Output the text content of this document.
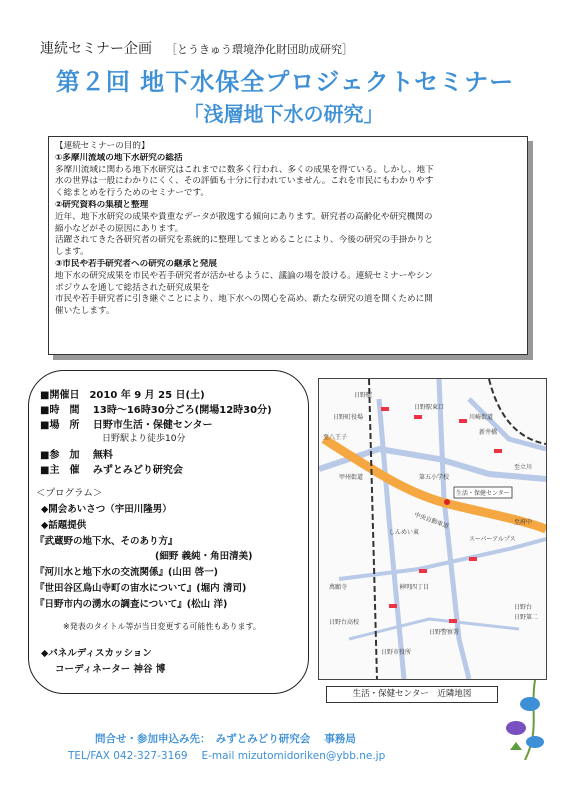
連続セミナー企画 ［とうきゅう環境浄化財団助成研究］
第２回 地下水保全プロジェクトセミナー
「浅層地下水の研究」
【連続セミナーの目的】
①多摩川流域の地下水研究の総括
多摩川流域に関わる地下水研究はこれまでに数多く行われ、多くの成果を得ている。しかし、地下
水の世界は一般にわかりにくく、その評価も十分に行われていません。これを市民にもわかりやす
く総まとめを行うためのセミナーです。
②研究資料の集積と整理
近年、地下水研究の成果や貴重なデータが散逸する傾向にあります。研究者の高齢化や研究機関の
縮小などがその原因にあります。
活躍されてきた各研究者の研究を系統的に整理してまとめることにより、今後の研究の手掛かりと
します。
③市民や若手研究者への研究の継承と発展
地下水の研究成果を市民や若手研究者が活かせるように、議論の場を設ける。連続セミナーやシン
ポジウムを通して総括された研究成果を
市民や若手研究者に引き継ぐことにより、地下水への関心を高め、新たな研究の道を開くために開
催いたします。
■開催日　2010 年 9 月 25 日(土)
■時　間　 13時～16時30分ごろ(開場12時30分)
■場　所　 日野市生活・保健センター
日野駅より徒歩10分
■参　加　 無料
■主　催　 みずとみどり研究会
＜プログラム＞
◆開会あいさつ（宇田川隆男）
◆話題提供
『武蔵野の地下水、そのあり方』
(細野 義純・角田清美)
『河川水と地下水の交流関係』(山田 啓一)
『世田谷区烏山寺町の宙水について』(堀内 清司)
『日野市内の湧水の調査について』(松山 洋)
※発表のタイトル等が当日変更する可能性もあります。
◆パネルディスカッション
コーディネーター 神谷 博
生活・保健センター
中央自動車道
日野駅
日野町役場
日野駅東口
新井橋
川崎街道
日野台
日野第二
しんめい東
神明四丁目
萬願寺
スーパーアルプス
日野市役所
至八王子
至立川
至府中
日野警察署
第五小学校
甲州街道
日野台高校
生活・保健センター　近隣地図
問合せ・参加申込み先：　みずとみどり研究会　 事務局
TEL/FAX 042-327-3169　 E-mail mizutomidoriken@ybb.ne.jp
